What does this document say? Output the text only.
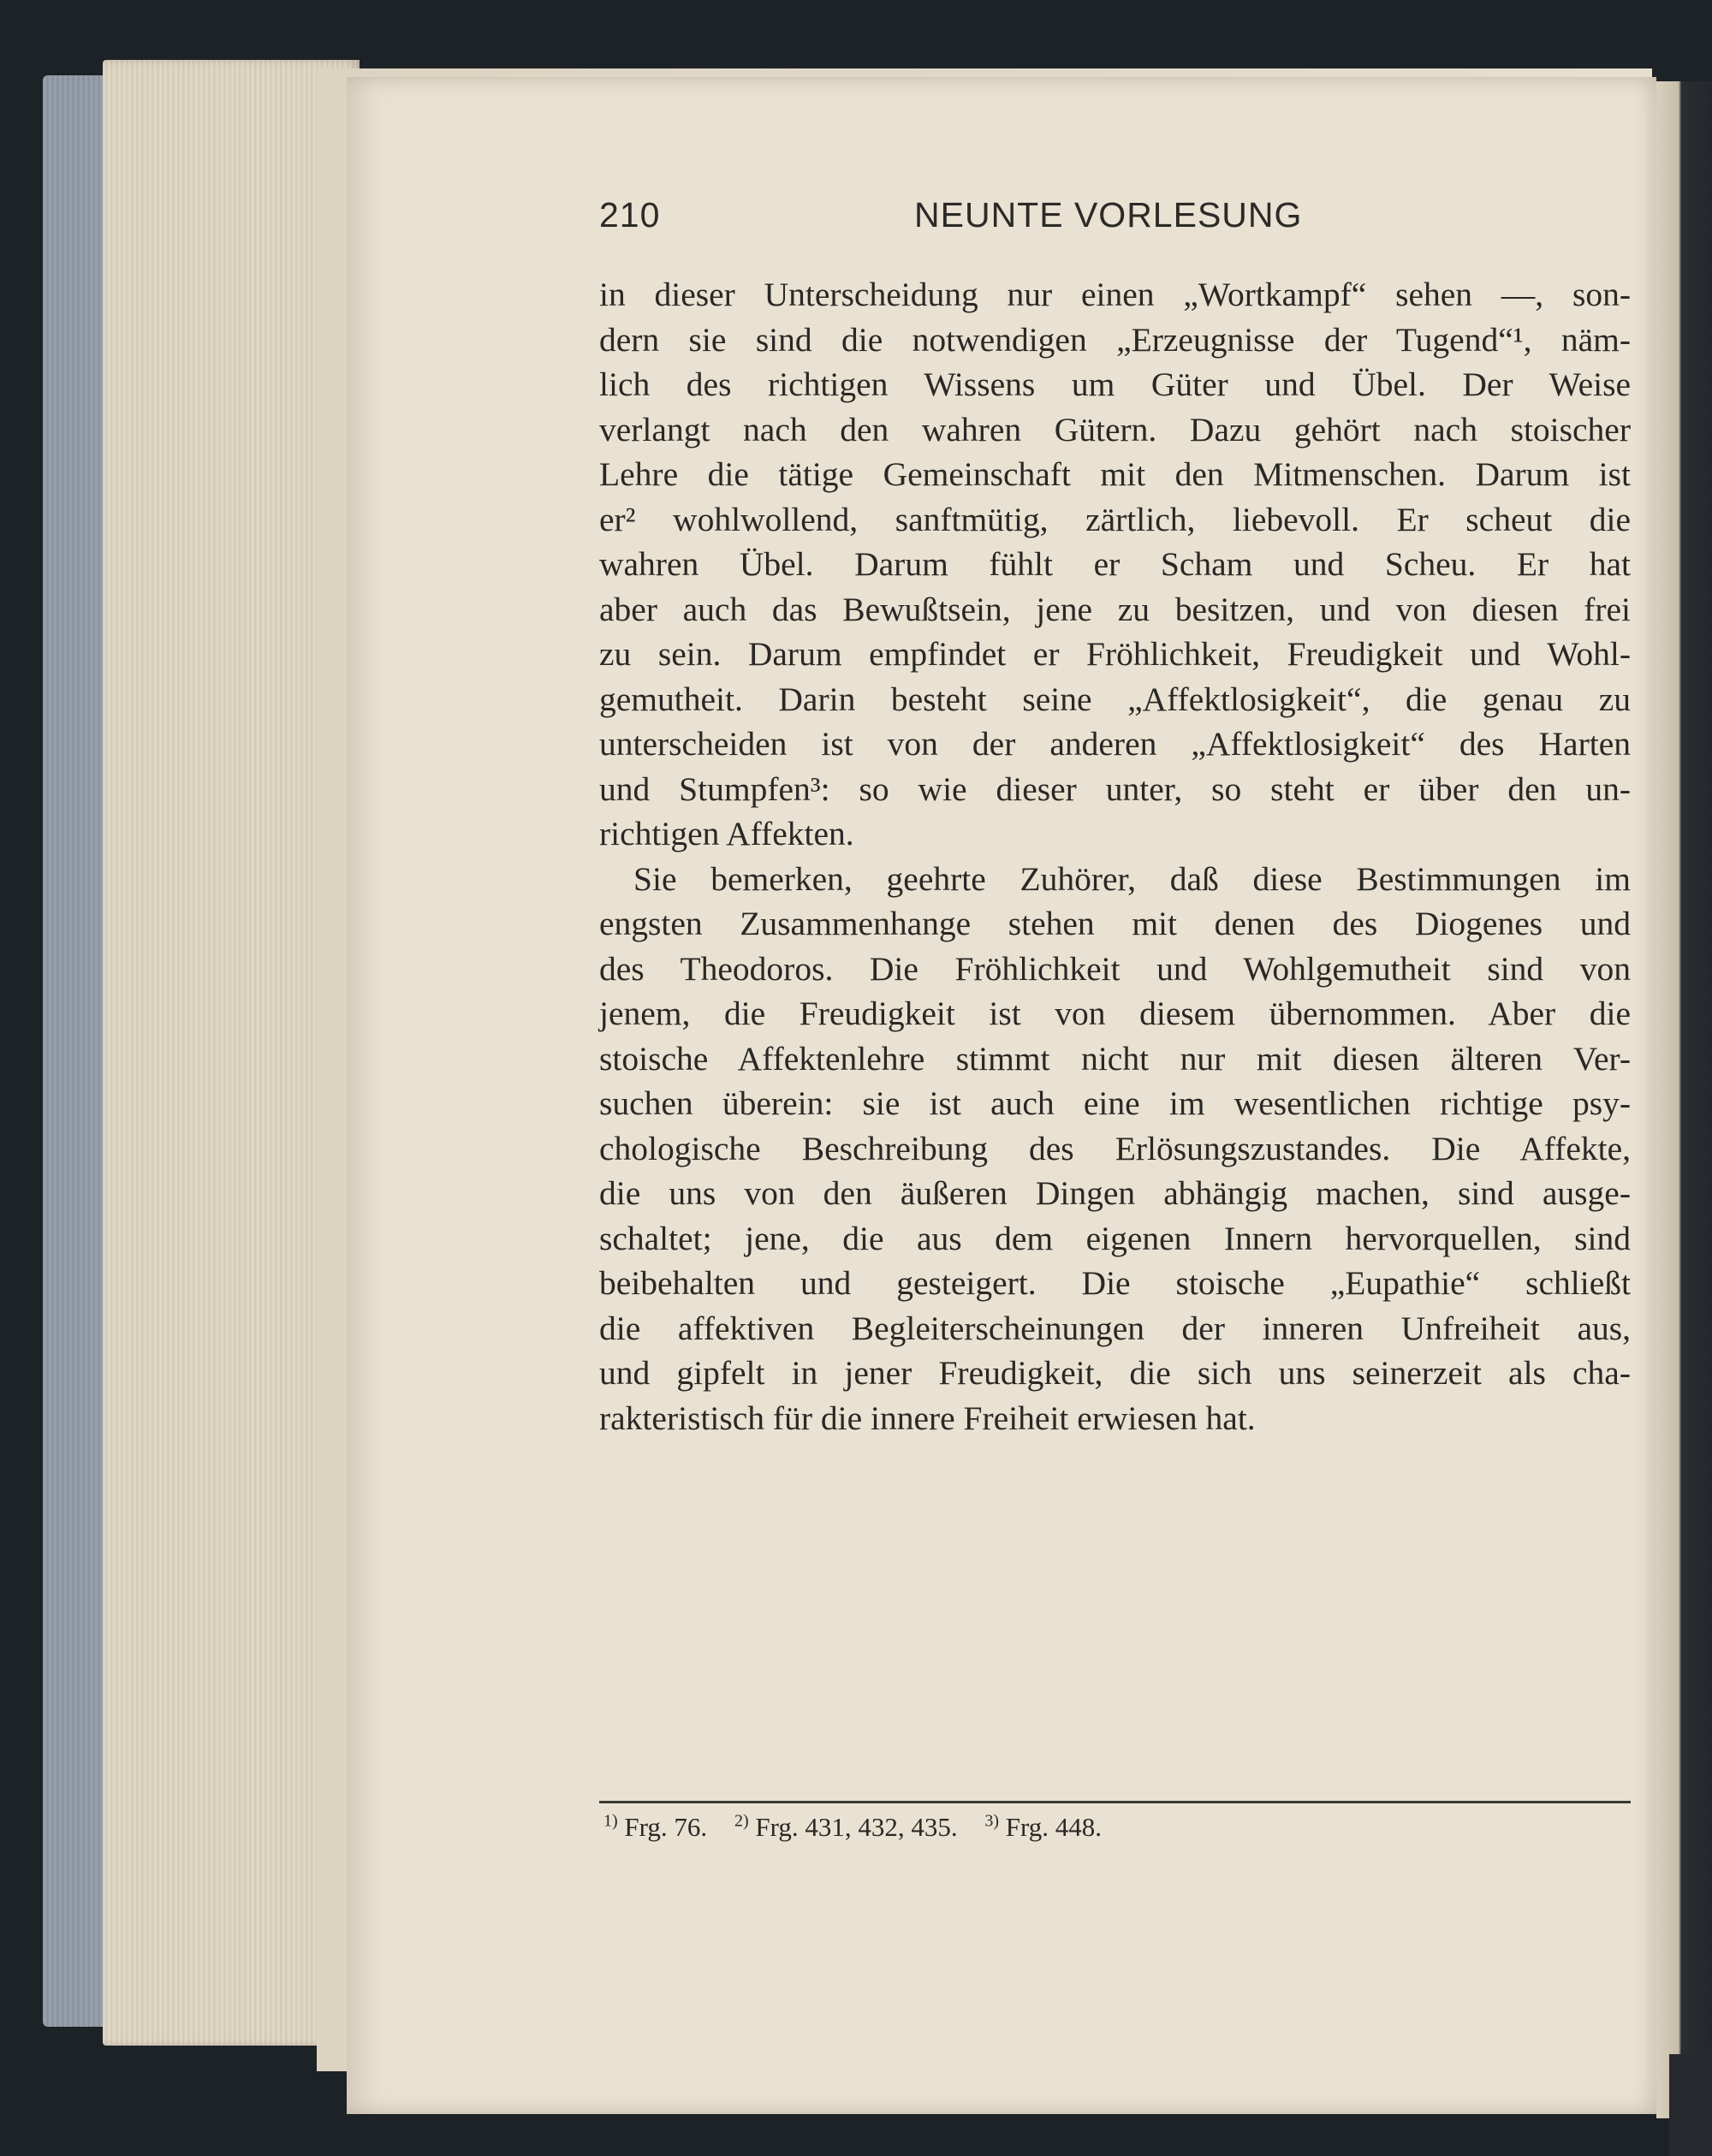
210	NEUNTE VORLESUNG
in dieser Unterscheidung nur einen „Wortkampf“ sehen —, son-
dern sie sind die notwendigen „Erzeugnisse der Tugend“¹, näm-
lich des richtigen Wissens um Güter und Übel. Der Weise
verlangt nach den wahren Gütern. Dazu gehört nach stoischer
Lehre die tätige Gemeinschaft mit den Mitmenschen. Darum ist
er² wohlwollend, sanftmütig, zärtlich, liebevoll. Er scheut die
wahren Übel. Darum fühlt er Scham und Scheu. Er hat
aber auch das Bewußtsein, jene zu besitzen, und von diesen frei
zu sein. Darum empfindet er Fröhlichkeit, Freudigkeit und Wohl-
gemutheit. Darin besteht seine „Affektlosigkeit“, die genau zu
unterscheiden ist von der anderen „Affektlosigkeit“ des Harten
und Stumpfen³: so wie dieser unter, so steht er über den un-
richtigen Affekten.
Sie bemerken, geehrte Zuhörer, daß diese Bestimmungen im
engsten Zusammenhange stehen mit denen des Diogenes und
des Theodoros. Die Fröhlichkeit und Wohlgemutheit sind von
jenem, die Freudigkeit ist von diesem übernommen. Aber die
stoische Affektenlehre stimmt nicht nur mit diesen älteren Ver-
suchen überein: sie ist auch eine im wesentlichen richtige psy-
chologische Beschreibung des Erlösungszustandes. Die Affekte,
die uns von den äußeren Dingen abhängig machen, sind ausge-
schaltet; jene, die aus dem eigenen Innern hervorquellen, sind
beibehalten und gesteigert. Die stoische „Eupathie“ schließt
die affektiven Begleiterscheinungen der inneren Unfreiheit aus,
und gipfelt in jener Freudigkeit, die sich uns seinerzeit als cha-
rakteristisch für die innere Freiheit erwiesen hat.
$^{1)}$ Frg. 76. $^{2)}$ Frg. 431, 432, 435. $^{3)}$ Frg. 448.
